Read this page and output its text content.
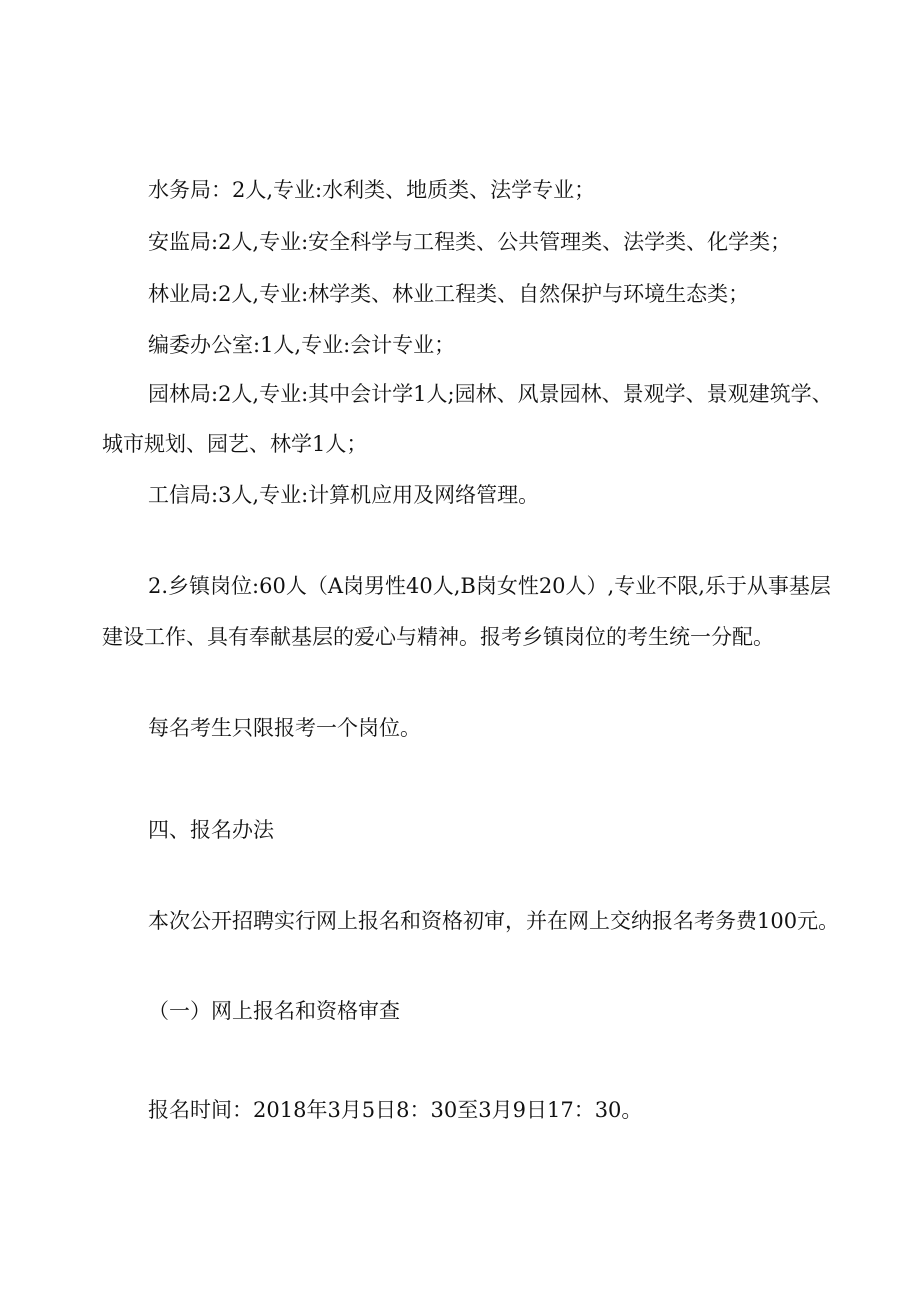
水务局：2人,专业:水利类、地质类、法学专业；
安监局:2人,专业:安全科学与工程类、公共管理类、法学类、化学类；
林业局:2人,专业:林学类、林业工程类、自然保护与环境生态类；
编委办公室:1人,专业:会计专业；
园林局:2人,专业:其中会计学1人;园林、风景园林、景观学、景观建筑学、
城市规划、园艺、林学1人；
工信局:3人,专业:计算机应用及网络管理。
2.乡镇岗位:60人（A岗男性40人,B岗女性20人）,专业不限,乐于从事基层
建设工作、具有奉献基层的爱心与精神。报考乡镇岗位的考生统一分配。
每名考生只限报考一个岗位。
四、报名办法
本次公开招聘实行网上报名和资格初审，并在网上交纳报名考务费100元。
（一）网上报名和资格审查
报名时间：2018年3月5日8：30至3月9日17：30。
